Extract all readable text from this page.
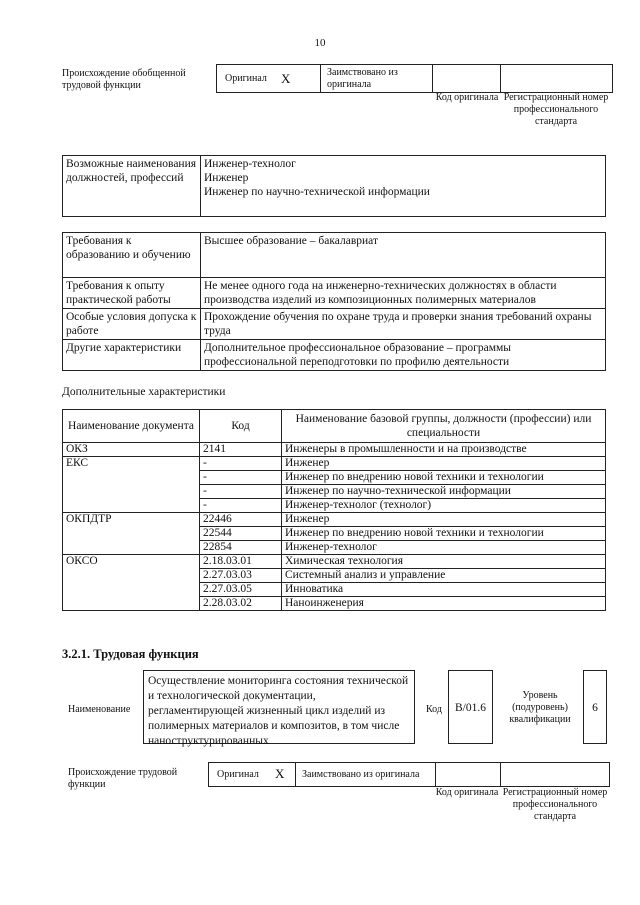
10
Происхождение обобщенной трудовой функции
Оригинал X	Заимствовано из оригинала
Код оригинала Регистрационный номер профессионального стандарта
Возможные наименования должностей, профессий	
Инженер-технолог
Инженер
Инженер по научно-технической информации
Требования к образованию и обучению	Высшее образование – бакалавриат
Требования к опыту практической работы	Не менее одного года на инженерно-технических должностях в области производства изделий из композиционных полимерных материалов
Особые условия допуска к работе	Прохождение обучения по охране труда и проверки знания требований охраны труда
Другие характеристики	Дополнительное профессиональное образование – программы профессиональной переподготовки по профилю деятельности
Дополнительные характеристики
Наименование документа	Код	Наименование базовой группы, должности (профессии) или специальности
ОКЗ	2141	Инженеры в промышленности и на производстве
ЕКС	-	Инженер
	-	Инженер по внедрению новой техники и технологии
	-	Инженер по научно-технической информации
	-	Инженер-технолог (технолог)
ОКПДТР	22446	Инженер
	22544	Инженер по внедрению новой техники и технологии
	22854	Инженер-технолог
ОКСО	2.18.03.01	Химическая технология
	2.27.03.03	Системный анализ и управление
	2.27.03.05	Инноватика
	2.28.03.02	Наноинженерия
3.2.1. Трудовая функция
Наименование
Осуществление мониторинга состояния технической и технологической документации, регламентирующей жизненный цикл изделий из полимерных материалов и композитов, в том числе наноструктурированных
Код	B/01.6
Уровень (подуровень) квалификации
6
Происхождение трудовой функции
Оригинал X Заимствовано из оригинала
Код оригинала Регистрационный номер профессионального стандарта
